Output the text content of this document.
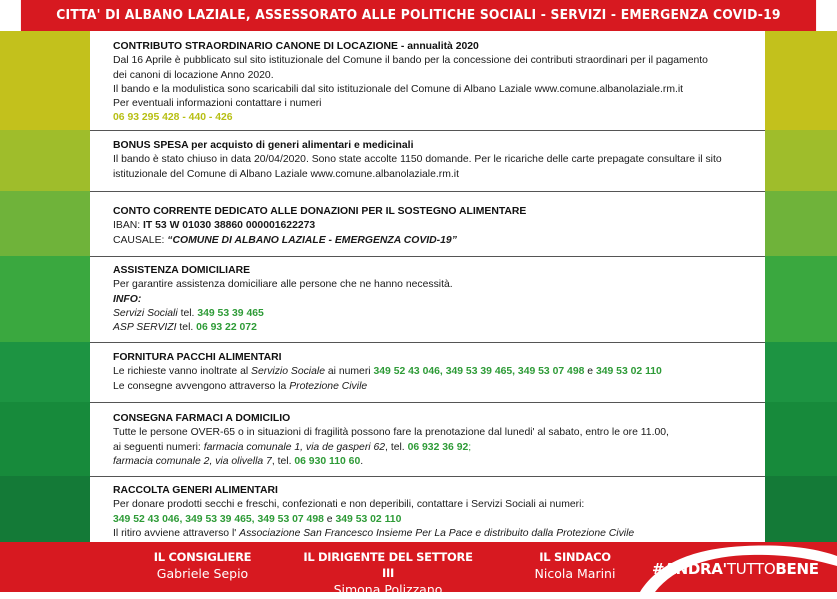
CITTA' DI ALBANO LAZIALE, ASSESSORATO ALLE POLITICHE SOCIALI - SERVIZI - EMERGENZA COVID-19
CONTRIBUTO STRAORDINARIO CANONE DI LOCAZIONE - annualità 2020
Dal 16 Aprile è pubblicato sul sito istituzionale del Comune il bando per la concessione dei contributi straordinari per il pagamento
dei canoni di locazione Anno 2020.
Il bando e la modulistica sono scaricabili dal sito istituzionale del Comune di Albano Laziale www.comune.albanolaziale.rm.it
Per eventuali informazioni contattare i numeri
06 93 295 428 - 440 - 426
BONUS SPESA per acquisto di generi alimentari e medicinali
Il bando è stato chiuso in data 20/04/2020. Sono state accolte 1150 domande. Per le ricariche delle carte prepagate consultare il sito
istituzionale del Comune di Albano Laziale www.comune.albanolaziale.rm.it
CONTO CORRENTE DEDICATO ALLE DONAZIONI PER IL SOSTEGNO ALIMENTARE
IBAN: IT 53 W 01030 38860 000001622273
CAUSALE: “COMUNE DI ALBANO LAZIALE - EMERGENZA COVID-19”
ASSISTENZA DOMICILIARE
Per garantire assistenza domiciliare alle persone che ne hanno necessità.
INFO:
Servizi Sociali tel. 349 53 39 465
ASP SERVIZI tel. 06 93 22 072
FORNITURA PACCHI ALIMENTARI
Le richieste vanno inoltrate al Servizio Sociale ai numeri 349 52 43 046, 349 53 39 465, 349 53 07 498 e 349 53 02 110
Le consegne avvengono attraverso la Protezione Civile
CONSEGNA FARMACI A DOMICILIO
Tutte le persone OVER-65 o in situazioni di fragilità possono fare la prenotazione dal lunedi' al sabato, entro le ore 11.00,
ai seguenti numeri: farmacia comunale 1, via de gasperi 62, tel. 06 932 36 92;
farmacia comunale 2, via olivella 7, tel. 06 930 110 60.
RACCOLTA GENERI ALIMENTARI
Per donare prodotti secchi e freschi, confezionati e non deperibili, contattare i Servizi Sociali ai numeri:
349 52 43 046, 349 53 39 465, 349 53 07 498 e 349 53 02 110
Il ritiro avviene attraverso l' Associazione San Francesco Insieme Per La Pace e distribuito dalla Protezione Civile
IL CONSIGLIERE
Gabriele Sepio
IL DIRIGENTE DEL SETTORE III
Simona Polizzano
IL SINDACO
Nicola Marini	#ANDRA'TUTTOBENE
